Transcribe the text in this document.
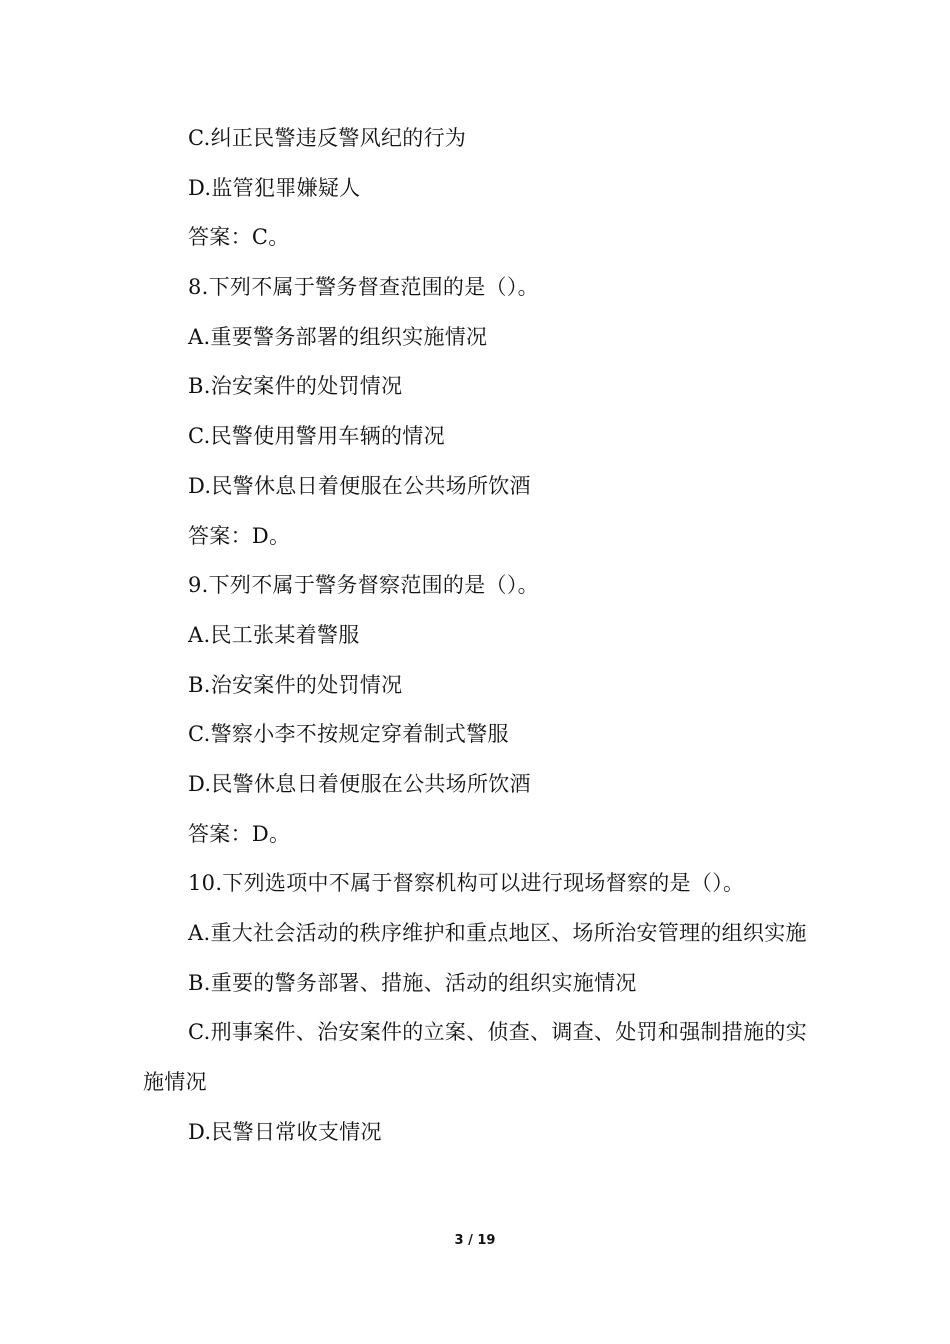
C.纠正民警违反警风纪的行为
D.监管犯罪嫌疑人
答案：C。
8.下列不属于警务督查范围的是（）。
A.重要警务部署的组织实施情况
B.治安案件的处罚情况
C.民警使用警用车辆的情况
D.民警休息日着便服在公共场所饮酒
答案：D。
9.下列不属于警务督察范围的是（）。
A.民工张某着警服
B.治安案件的处罚情况
C.警察小李不按规定穿着制式警服
D.民警休息日着便服在公共场所饮酒
答案：D。
10.下列选项中不属于督察机构可以进行现场督察的是（）。
A.重大社会活动的秩序维护和重点地区、场所治安管理的组织实施
B.重要的警务部署、措施、活动的组织实施情况
C.刑事案件、治安案件的立案、侦查、调查、处罚和强制措施的实施情况
D.民警日常收支情况
3 / 19
